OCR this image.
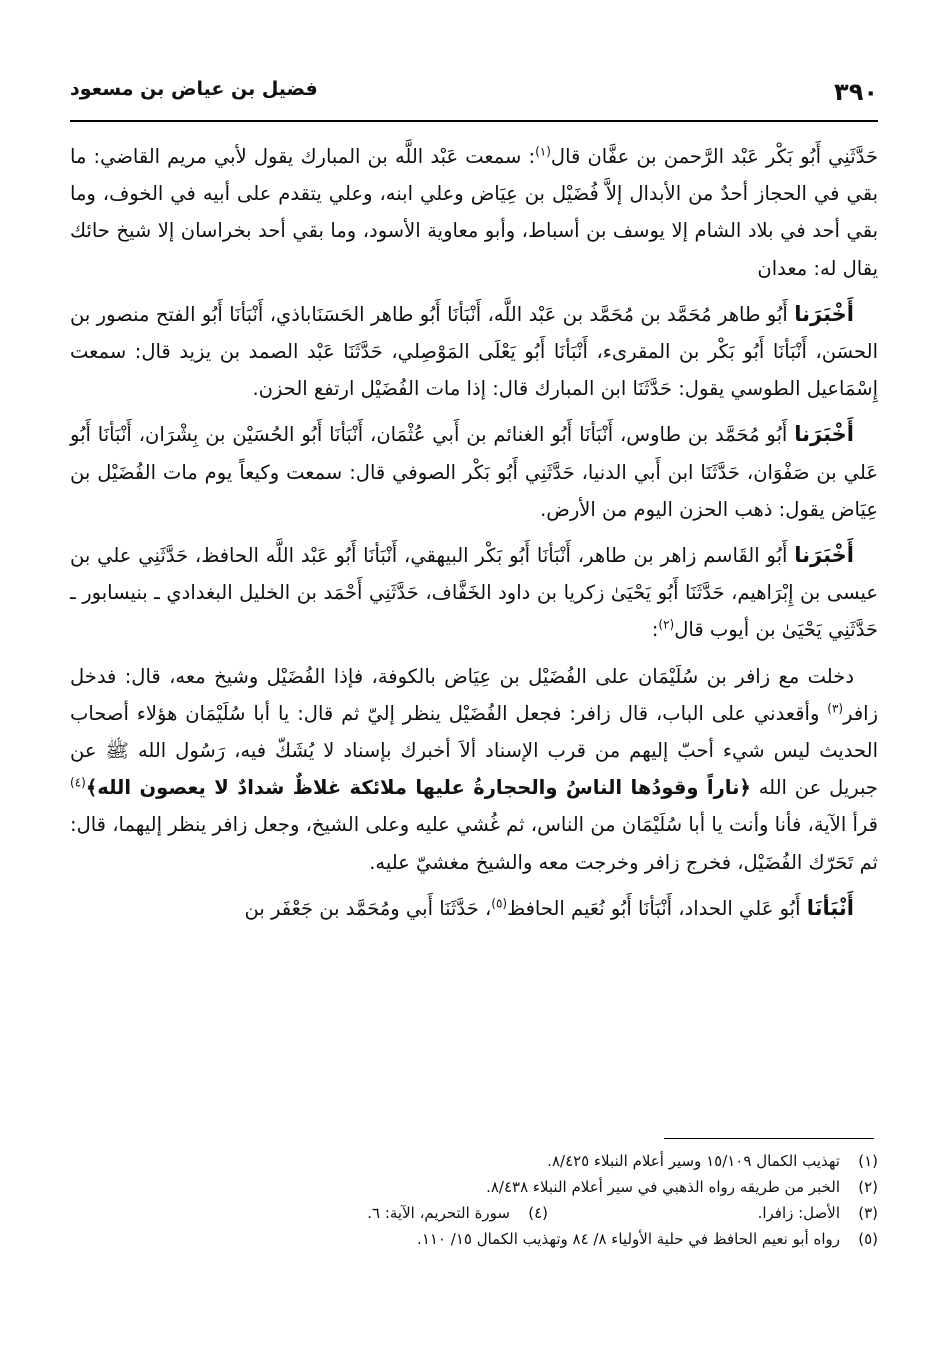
٣٩٠
فضيل بن عياض بن مسعود

حَدَّثَنِي أَبُو بَكْر عَبْد الرَّحمن بن عفَّان قال$^{(١)}$: سمعت عَبْد اللَّه بن المبارك يقول لأبي مريم القاضي: ما بقي في الحجاز أحدٌ من الأبدال إلاَّ فُضَيْل بن عِيَاض وعلي ابنه، وعلي يتقدم على أبيه في الخوف، وما بقي أحد في بلاد الشام إلا يوسف بن أسباط، وأبو معاوية الأسود، وما بقي أحد بخراسان إلا شيخ حائك يقال له: معدان

أَخْبَرَنا أَبُو طاهر مُحَمَّد بن مُحَمَّد بن عَبْد اللَّه، أَنْبَأنَا أَبُو طاهر الحَسَنَاباذي، أَنْبَأنَا أَبُو الفتح منصور بن الحسَن، أَنْبَأنَا أَبُو بَكْر بن المقرىء، أَنْبَأنَا أَبُو يَعْلَى المَوْصِلي، حَدَّثَنَا عَبْد الصمد بن يزيد قال: سمعت إِسْمَاعيل الطوسي يقول: حَدَّثَنَا ابن المبارك قال: إذا مات الفُضَيْل ارتفع الحزن.

أَخْبَرَنا أَبُو مُحَمَّد بن طاوس، أَنْبَأنَا أَبُو الغنائم بن أَبي عُثْمَان، أَنْبَأنَا أَبُو الحُسَيْن بن بِشْرَان، أَنْبَأنَا أَبُو عَلي بن صَفْوَان، حَدَّثَنَا ابن أَبي الدنيا، حَدَّثَنِي أَبُو بَكْر الصوفي قال: سمعت وكيعاً يوم مات الفُضَيْل بن عِيَاض يقول: ذهب الحزن اليوم من الأرض.

أَخْبَرَنا أَبُو القَاسم زاهر بن طاهر، أَنْبَأنَا أَبُو بَكْر البيهقي، أَنْبَأنَا أَبُو عَبْد اللَّه الحافظ، حَدَّثَنِي علي بن عيسى بن إِبْرَاهيم، حَدَّثَنَا أَبُو يَحْيَىٰ زكريا بن داود الخَفَّاف، حَدَّثَنِي أَحْمَد بن الخليل البغدادي ـ بنيسابور ـ حَدَّثَنِي يَحْيَىٰ بن أيوب قال$^{(٢)}$:

دخلت مع زافر بن سُلَيْمَان على الفُضَيْل بن عِيَاض بالكوفة، فإذا الفُضَيْل وشيخ معه، قال: فدخل زافر$^{(٣)}$ وأقعدني على الباب، قال زافر: فجعل الفُضَيْل ينظر إليّ ثم قال: يا أبا سُلَيْمَان هؤلاء أصحاب الحديث ليس شيء أحبّ إليهم من قرب الإسناد ألاَ أخبرك بإسناد لا يُشَكّ فيه، رَسُول الله ﷺ عن جبريل عن الله ﴿ناراً وقودُها الناسُ والحجارةُ عليها ملائكة غلاظٌ شدادٌ لا يعصون الله﴾$^{(٤)}$ قرأ الآية، فأنا وأنت يا أبا سُلَيْمَان من الناس، ثم غُشي عليه وعلى الشيخ، وجعل زافر ينظر إليهما، قال: ثم تَحَرّك الفُضَيْل، فخرج زافر وخرجت معه والشيخ مغشيّ عليه.

أَنْبَأنَا أَبُو عَلي الحداد، أَنْبَأنَا أَبُو نُعَيم الحافظ$^{(٥)}$، حَدَّثَنَا أَبي ومُحَمَّد بن جَعْفَر بن

(١)
تهذيب الكمال ١٥/١٠٩ وسير أعلام النبلاء ٨/٤٢٥.
(٢)
الخبر من طريقه رواه الذهبي في سير أعلام النبلاء ٨/٤٣٨.
(٣)
الأصل: زافرا.
(٤)
سورة التحريم، الآية: ٦.
(٥)
رواه أبو نعيم الحافظ في حلية الأولياء ٨/ ٨٤ وتهذيب الكمال ١٥/ ١١٠.
